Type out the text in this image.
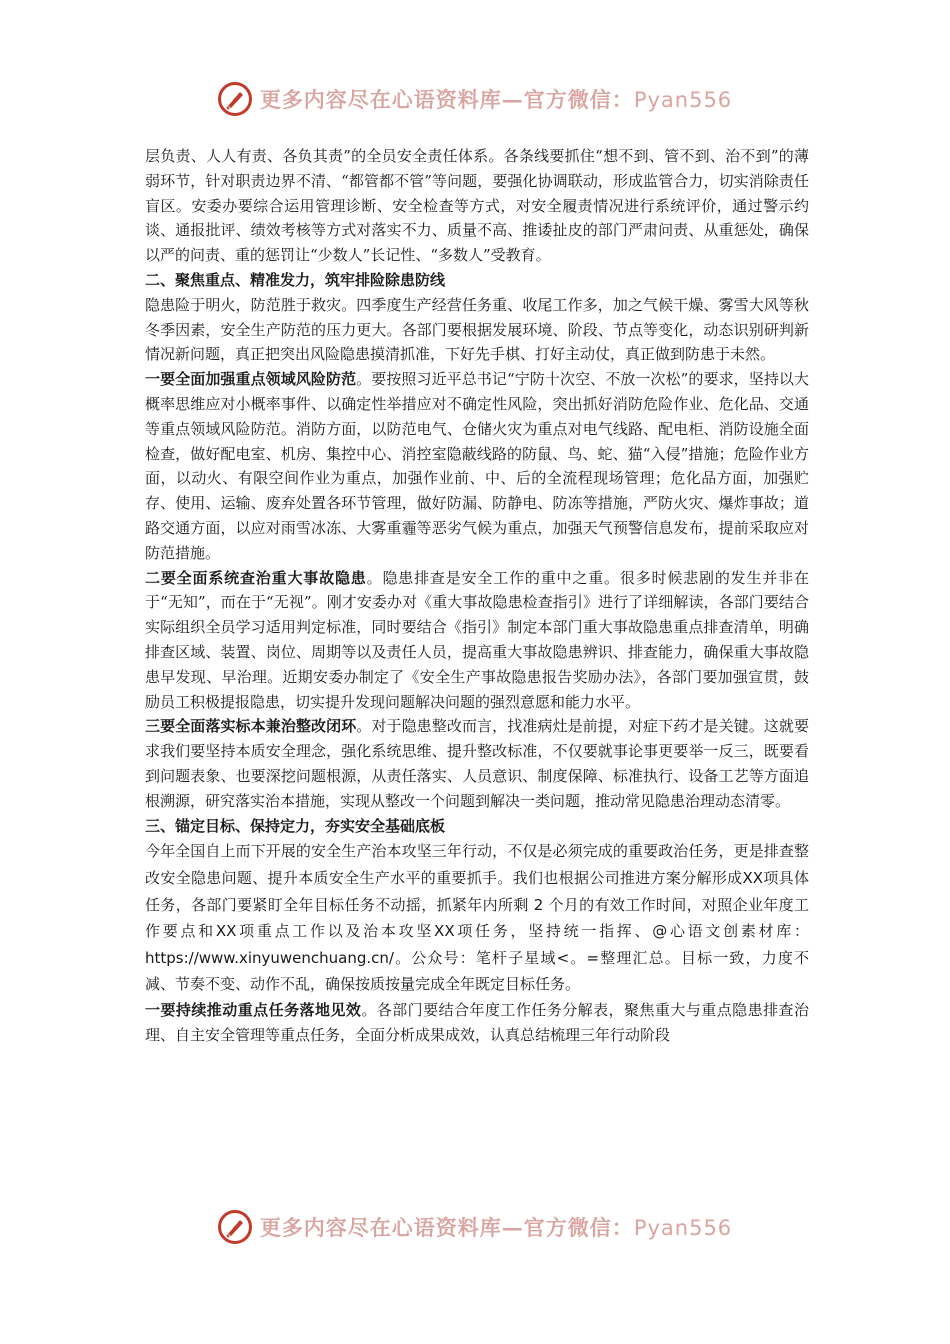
更多内容尽在心语资料库—官方微信：Pyan556

层负责、人人有责、各负其责”的全员安全责任体系。各条线要抓住“想不到、管不到、治不到”的薄弱环节，针对职责边界不清、“都管都不管”等问题，要强化协调联动，形成监管合力，切实消除责任盲区。安委办要综合运用管理诊断、安全检查等方式，对安全履责情况进行系统评价，通过警示约谈、通报批评、绩效考核等方式对落实不力、质量不高、推诿扯皮的部门严肃问责、从重惩处，确保以严的问责、重的惩罚让“少数人”长记性、“多数人”受教育。

二、聚焦重点、精准发力，筑牢排险除患防线

隐患险于明火，防范胜于救灾。四季度生产经营任务重、收尾工作多，加之气候干燥、雾雪大风等秋冬季因素，安全生产防范的压力更大。各部门要根据发展环境、阶段、节点等变化，动态识别研判新情况新问题，真正把突出风险隐患摸清抓准，下好先手棋、打好主动仗，真正做到防患于未然。

一要全面加强重点领域风险防范。要按照习近平总书记“宁防十次空、不放一次松”的要求，坚持以大概率思维应对小概率事件、以确定性举措应对不确定性风险，突出抓好消防危险作业、危化品、交通等重点领域风险防范。消防方面，以防范电气、仓储火灾为重点对电气线路、配电柜、消防设施全面检查，做好配电室、机房、集控中心、消控室隐蔽线路的防鼠、鸟、蛇、猫“入侵”措施；危险作业方面，以动火、有限空间作业为重点，加强作业前、中、后的全流程现场管理；危化品方面，加强贮存、使用、运输、废弃处置各环节管理，做好防漏、防静电、防冻等措施，严防火灾、爆炸事故；道路交通方面，以应对雨雪冰冻、大雾重霾等恶劣气候为重点，加强天气预警信息发布，提前采取应对防范措施。

二要全面系统查治重大事故隐患。隐患排查是安全工作的重中之重。很多时候悲剧的发生并非在于“无知”，而在于“无视”。刚才安委办对《重大事故隐患检查指引》进行了详细解读，各部门要结合实际组织全员学习适用判定标准，同时要结合《指引》制定本部门重大事故隐患重点排查清单，明确排查区域、装置、岗位、周期等以及责任人员，提高重大事故隐患辨识、排查能力，确保重大事故隐患早发现、早治理。近期安委办制定了《安全生产事故隐患报告奖励办法》，各部门要加强宣贯，鼓励员工积极提报隐患，切实提升发现问题解决问题的强烈意愿和能力水平。

三要全面落实标本兼治整改闭环。对于隐患整改而言，找准病灶是前提，对症下药才是关键。这就要求我们要坚持本质安全理念，强化系统思维、提升整改标准，不仅要就事论事更要举一反三，既要看到问题表象、也要深挖问题根源，从责任落实、人员意识、制度保障、标准执行、设备工艺等方面追根溯源，研究落实治本措施，实现从整改一个问题到解决一类问题，推动常见隐患治理动态清零。

三、锚定目标、保持定力，夯实安全基础底板

今年全国自上而下开展的安全生产治本攻坚三年行动，不仅是必须完成的重要政治任务，更是排查整改安全隐患问题、提升本质安全生产水平的重要抓手。我们也根据公司推进方案分解形成XX项具体任务，各部门要紧盯全年目标任务不动摇，抓紧年内所剩 2 个月的有效工作时间，对照企业年度工作要点和XX项重点工作以及治本攻坚XX项任务，坚持统一指挥、@心语文创素材库：https://www.xinyuwenchuang.cn/。公众号：笔杆子星域<。=整理汇总。目标一致，力度不减、节奏不变、动作不乱，确保按质按量完成全年既定目标任务。

一要持续推动重点任务落地见效。各部门要结合年度工作任务分解表，聚焦重大与重点隐患排查治理、自主安全管理等重点任务，全面分析成果成效，认真总结梳理三年行动阶段

更多内容尽在心语资料库—官方微信：Pyan556
